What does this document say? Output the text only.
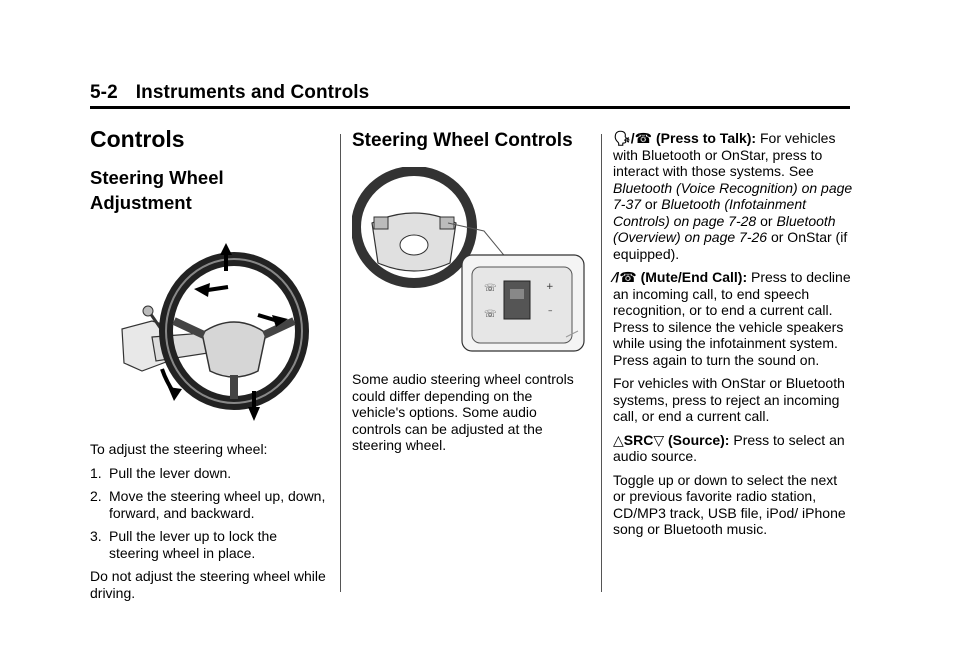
5-2 Instruments and Controls
Controls
Steering Wheel
Adjustment

To adjust the steering wheel:

1. Pull the lever down.
2. Move the steering wheel up, down, forward, and backward.
3. Pull the lever up to lock the steering wheel in place.

Do not adjust the steering wheel while driving.

Steering Wheel Controls
☏
☏
+
–

Some audio steering wheel controls could differ depending on the vehicle's options. Some audio controls can be adjusted at the steering wheel.

🗣︎/☎︎ (Press to Talk): For vehicles with Bluetooth or OnStar, press to interact with those systems. See Bluetooth (Voice Recognition) on page 7-37 or Bluetooth (Infotainment Controls) on page 7-28 or Bluetooth (Overview) on page 7-26 or OnStar (if equipped).

∕/☎︎ (Mute/End Call): Press to decline an incoming call, to end speech recognition, or to end a current call. Press to silence the vehicle speakers while using the infotainment system. Press again to turn the sound on.

For vehicles with OnStar or Bluetooth systems, press to reject an incoming call, or end a current call.

△SRC▽ (Source): Press to select an audio source.

Toggle up or down to select the next or previous favorite radio station, CD/MP3 track, USB file, iPod/ iPhone song or Bluetooth music.
